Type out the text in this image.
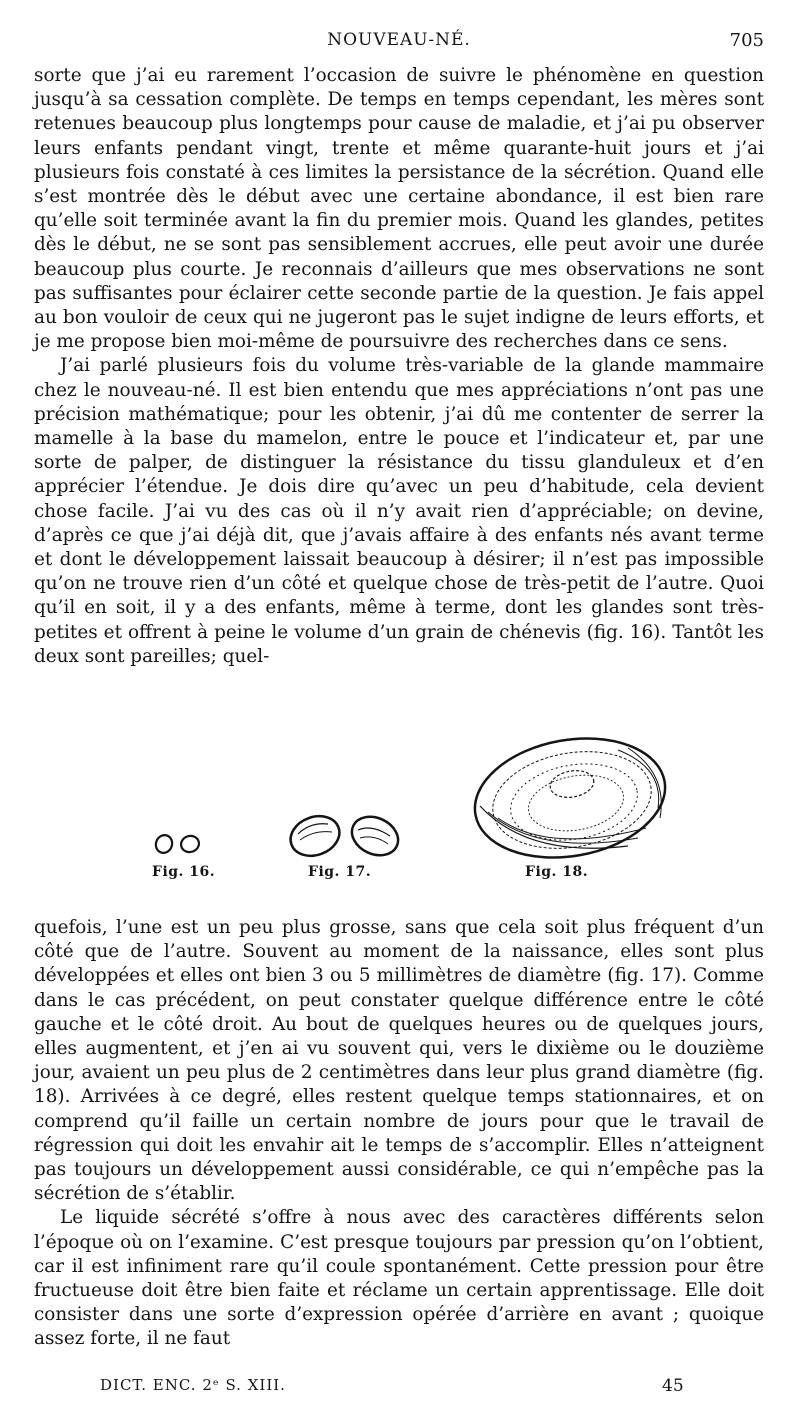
NOUVEAU-NÉ.	705

sorte que j’ai eu rarement l’occasion de suivre le phénomène en question jusqu’à sa cessation complète. De temps en temps cependant, les mères sont retenues beaucoup plus longtemps pour cause de maladie, et j’ai pu observer leurs enfants pendant vingt, trente et même quarante-huit jours et j’ai plusieurs fois constaté à ces limites la persistance de la sécrétion. Quand elle s’est montrée dès le début avec une certaine abondance, il est bien rare qu’elle soit terminée avant la fin du premier mois. Quand les glandes, petites dès le début, ne se sont pas sensiblement accrues, elle peut avoir une durée beaucoup plus courte. Je reconnais d’ailleurs que mes observations ne sont pas suffisantes pour éclairer cette seconde partie de la question. Je fais appel au bon vouloir de ceux qui ne jugeront pas le sujet indigne de leurs efforts, et je me propose bien moi-même de poursuivre des recherches dans ce sens.

J’ai parlé plusieurs fois du volume très-variable de la glande mammaire chez le nouveau-né. Il est bien entendu que mes appréciations n’ont pas une précision mathématique; pour les obtenir, j’ai dû me contenter de serrer la mamelle à la base du mamelon, entre le pouce et l’indicateur et, par une sorte de palper, de distinguer la résistance du tissu glanduleux et d’en apprécier l’étendue. Je dois dire qu’avec un peu d’habitude, cela devient chose facile. J’ai vu des cas où il n’y avait rien d’appréciable; on devine, d’après ce que j’ai déjà dit, que j’avais affaire à des enfants nés avant terme et dont le développement laissait beaucoup à désirer; il n’est pas impossible qu’on ne trouve rien d’un côté et quelque chose de très-petit de l’autre. Quoi qu’il en soit, il y a des enfants, même à terme, dont les glandes sont très-petites et offrent à peine le volume d’un grain de chénevis (fig. 16). Tantôt les deux sont pareilles; quel-

Fig. 16.	Fig. 17.	Fig. 18.

quefois, l’une est un peu plus grosse, sans que cela soit plus fréquent d’un côté que de l’autre. Souvent au moment de la naissance, elles sont plus développées et elles ont bien 3 ou 5 millimètres de diamètre (fig. 17). Comme dans le cas précédent, on peut constater quelque différence entre le côté gauche et le côté droit. Au bout de quelques heures ou de quelques jours, elles augmentent, et j’en ai vu souvent qui, vers le dixième ou le douzième jour, avaient un peu plus de 2 centimètres dans leur plus grand diamètre (fig. 18). Arrivées à ce degré, elles restent quelque temps stationnaires, et on comprend qu’il faille un certain nombre de jours pour que le travail de régression qui doit les envahir ait le temps de s’accomplir. Elles n’atteignent pas toujours un développement aussi considérable, ce qui n’empêche pas la sécrétion de s’établir.

Le liquide sécrété s’offre à nous avec des caractères différents selon l’époque où on l’examine. C’est presque toujours par pression qu’on l’obtient, car il est infiniment rare qu’il coule spontanément. Cette pression pour être fructueuse doit être bien faite et réclame un certain apprentissage. Elle doit consister dans une sorte d’expression opérée d’arrière en avant ; quoique assez forte, il ne faut

DICT. ENC. 2ᵉ S. XIII.	45
